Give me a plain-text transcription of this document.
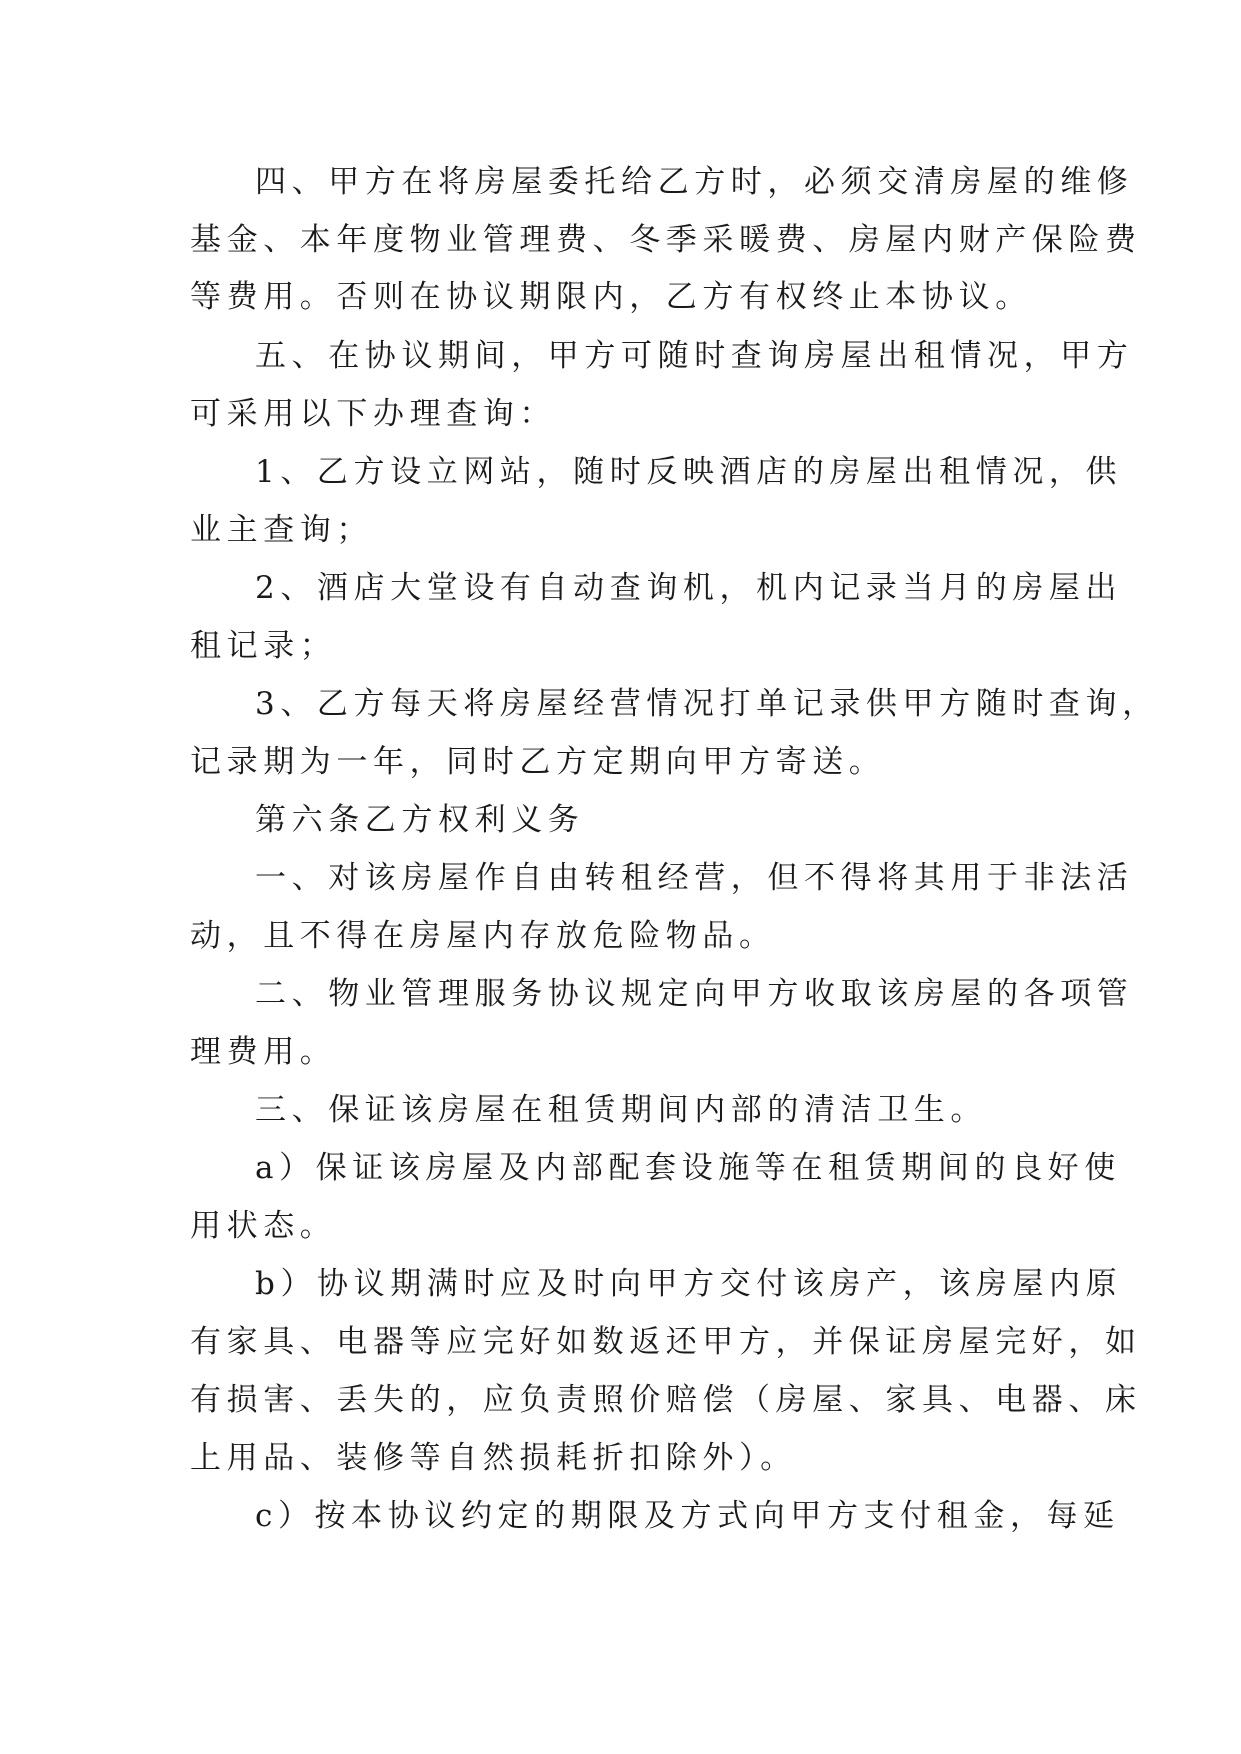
四、甲方在将房屋委托给乙方时，必须交清房屋的维修
基金、本年度物业管理费、冬季采暖费、房屋内财产保险费
等费用。否则在协议期限内，乙方有权终止本协议。
五、在协议期间，甲方可随时查询房屋出租情况，甲方
可采用以下办理查询：
1、乙方设立网站，随时反映酒店的房屋出租情况，供
业主查询；
2、酒店大堂设有自动查询机，机内记录当月的房屋出
租记录；
3、乙方每天将房屋经营情况打单记录供甲方随时查询，
记录期为一年，同时乙方定期向甲方寄送。
第六条乙方权利义务
一、对该房屋作自由转租经营，但不得将其用于非法活
动，且不得在房屋内存放危险物品。
二、物业管理服务协议规定向甲方收取该房屋的各项管
理费用。
三、保证该房屋在租赁期间内部的清洁卫生。
a）保证该房屋及内部配套设施等在租赁期间的良好使
用状态。
b）协议期满时应及时向甲方交付该房产，该房屋内原
有家具、电器等应完好如数返还甲方，并保证房屋完好，如
有损害、丢失的，应负责照价赔偿（房屋、家具、电器、床
上用品、装修等自然损耗折扣除外）。
c）按本协议约定的期限及方式向甲方支付租金，每延
